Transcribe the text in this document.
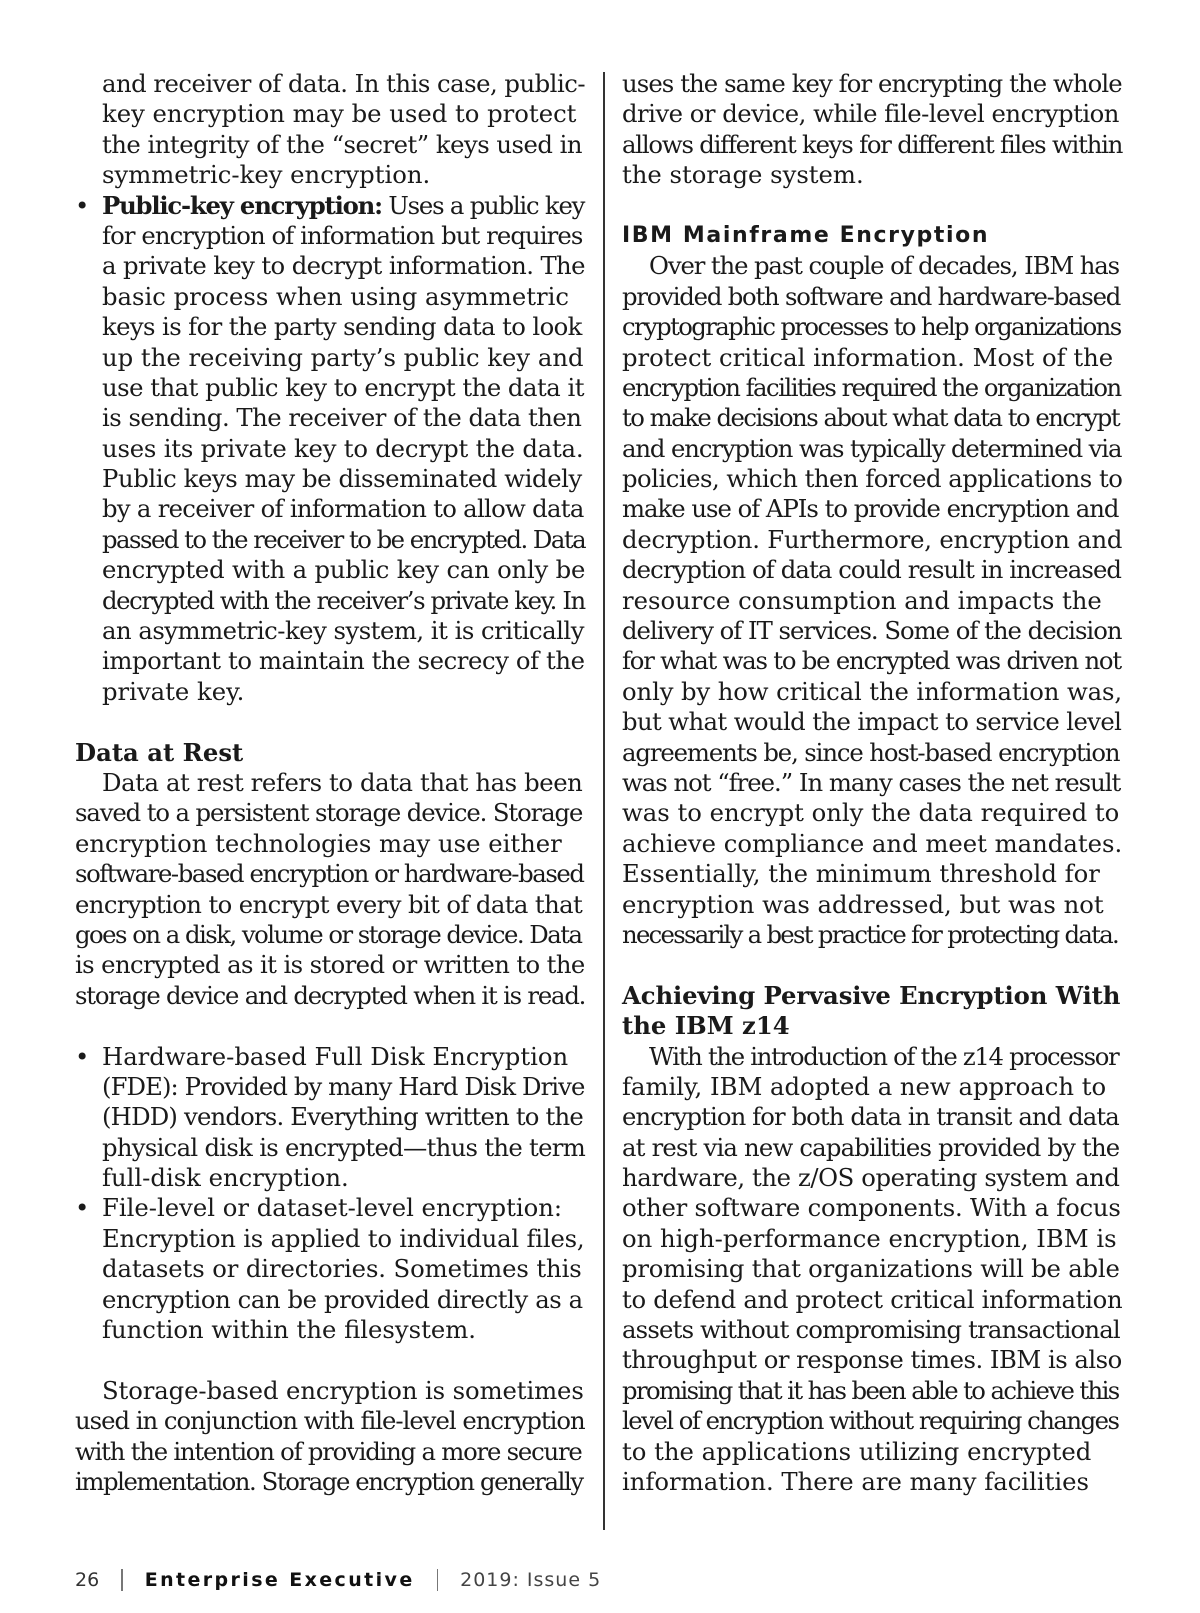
and receiver of data. In this case, public-
key encryption may be used to protect
the integrity of the “secret” keys used in
symmetric-key encryption.
• Public-key encryption: Uses a public key
for encryption of information but requires
a private key to decrypt information. The
basic process when using asymmetric
keys is for the party sending data to look
up the receiving party’s public key and
use that public key to encrypt the data it
is sending. The receiver of the data then
uses its private key to decrypt the data.
Public keys may be disseminated widely
by a receiver of information to allow data
passed to the receiver to be encrypted. Data
encrypted with a public key can only be
decrypted with the receiver’s private key. In
an asymmetric-key system, it is critically
important to maintain the secrecy of the
private key.
Data at Rest
Data at rest refers to data that has been
saved to a persistent storage device. Storage
encryption technologies may use either
software-based encryption or hardware-based
encryption to encrypt every bit of data that
goes on a disk, volume or storage device. Data
is encrypted as it is stored or written to the
storage device and decrypted when it is read.
• Hardware-based Full Disk Encryption
(FDE): Provided by many Hard Disk Drive
(HDD) vendors. Everything written to the
physical disk is encrypted—thus the term
full-disk encryption.
• File-level or dataset-level encryption:
Encryption is applied to individual files,
datasets or directories. Sometimes this
encryption can be provided directly as a
function within the filesystem.
Storage-based encryption is sometimes
used in conjunction with file-level encryption
with the intention of providing a more secure
implementation. Storage encryption generally
uses the same key for encrypting the whole
drive or device, while file-level encryption
allows different keys for different files within
the storage system.
IBM Mainframe Encryption
Over the past couple of decades, IBM has
provided both software and hardware-based
cryptographic processes to help organizations
protect critical information. Most of the
encryption facilities required the organization
to make decisions about what data to encrypt
and encryption was typically determined via
policies, which then forced applications to
make use of APIs to provide encryption and
decryption. Furthermore, encryption and
decryption of data could result in increased
resource consumption and impacts the
delivery of IT services. Some of the decision
for what was to be encrypted was driven not
only by how critical the information was,
but what would the impact to service level
agreements be, since host-based encryption
was not “free.” In many cases the net result
was to encrypt only the data required to
achieve compliance and meet mandates.
Essentially, the minimum threshold for
encryption was addressed, but was not
necessarily a best practice for protecting data.
Achieving Pervasive Encryption With
the IBM z14
With the introduction of the z14 processor
family, IBM adopted a new approach to
encryption for both data in transit and data
at rest via new capabilities provided by the
hardware, the z/OS operating system and
other software components. With a focus
on high-performance encryption, IBM is
promising that organizations will be able
to defend and protect critical information
assets without compromising transactional
throughput or response times. IBM is also
promising that it has been able to achieve this
level of encryption without requiring changes
to the applications utilizing encrypted
information. There are many facilities
26 Enterprise Executive 2019: Issue 5
